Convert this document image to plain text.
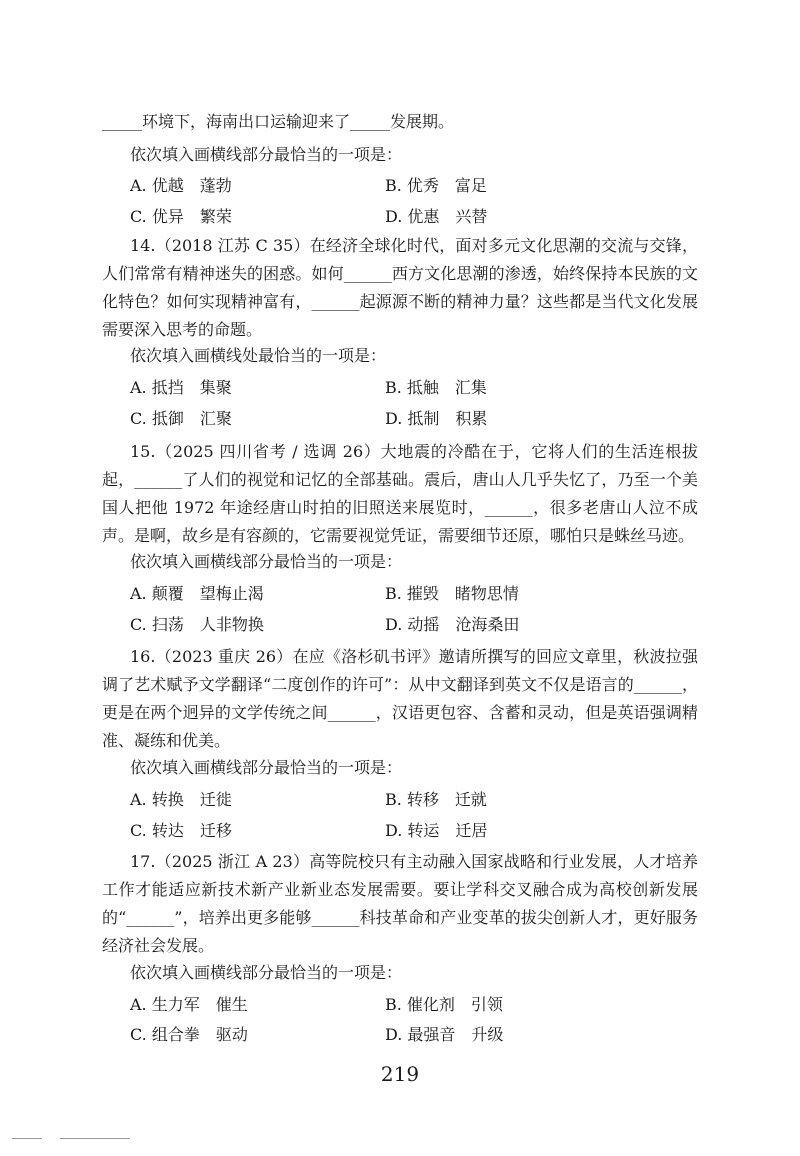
_____环境下，海南出口运输迎来了_____发展期。
依次填入画横线部分最恰当的一项是：
A. 优越　蓬勃	B. 优秀　富足
C. 优异　繁荣	D. 优惠　兴替
14.（2018 江苏 C 35）在经济全球化时代，面对多元文化思潮的交流与交锋，人们常常有精神迷失的困惑。如何______西方文化思潮的渗透，始终保持本民族的文化特色？如何实现精神富有，______起源源不断的精神力量？这些都是当代文化发展需要深入思考的命题。
依次填入画横线处最恰当的一项是：
A. 抵挡　集聚	B. 抵触　汇集
C. 抵御　汇聚	D. 抵制　积累
15.（2025 四川省考 / 选调 26）大地震的冷酷在于，它将人们的生活连根拔起，______了人们的视觉和记忆的全部基础。震后，唐山人几乎失忆了，乃至一个美国人把他 1972 年途经唐山时拍的旧照送来展览时，______，很多老唐山人泣不成声。是啊，故乡是有容颜的，它需要视觉凭证，需要细节还原，哪怕只是蛛丝马迹。
依次填入画横线部分最恰当的一项是：
A. 颠覆　望梅止渴	B. 摧毁　睹物思情
C. 扫荡　人非物换	D. 动摇　沧海桑田
16.（2023 重庆 26）在应《洛杉矶书评》邀请所撰写的回应文章里，秋波拉强调了艺术赋予文学翻译“二度创作的许可”：从中文翻译到英文不仅是语言的______，更是在两个迥异的文学传统之间______，汉语更包容、含蓄和灵动，但是英语强调精准、凝练和优美。
依次填入画横线部分最恰当的一项是：
A. 转换　迁徙	B. 转移　迁就
C. 转达　迁移	D. 转运　迁居
17.（2025 浙江 A 23）高等院校只有主动融入国家战略和行业发展，人才培养工作才能适应新技术新产业新业态发展需要。要让学科交叉融合成为高校创新发展的“______”，培养出更多能够______科技革命和产业变革的拔尖创新人才，更好服务经济社会发展。
依次填入画横线部分最恰当的一项是：
A. 生力军　催生	B. 催化剂　引领
C. 组合拳　驱动	D. 最强音　升级
219
